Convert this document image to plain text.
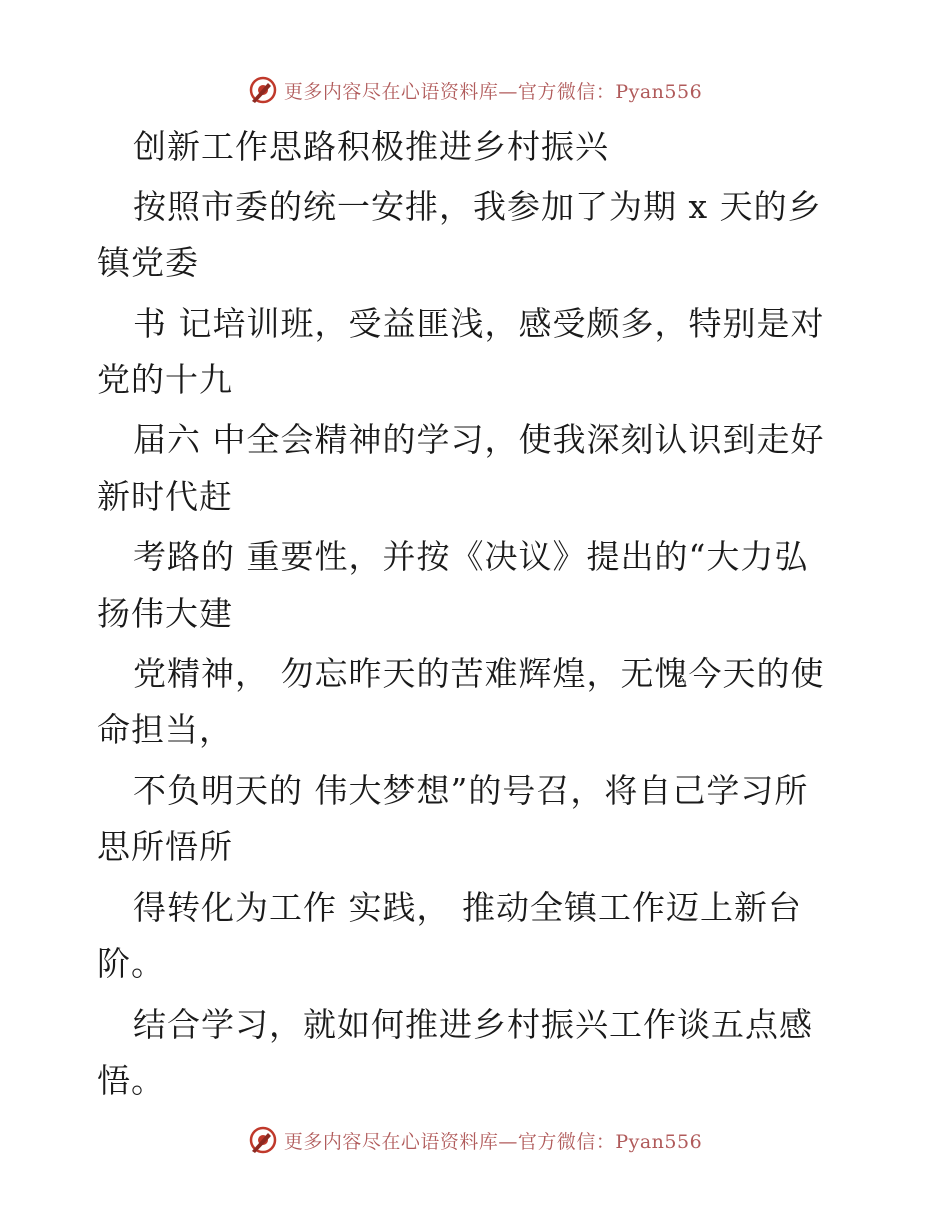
更多内容尽在心语资料库—官方微信：Pyan556
创新工作思路积极推进乡村振兴
按照市委的统一安排，我参加了为期 x 天的乡
镇党委
书 记培训班，受益匪浅，感受颇多，特别是对
党的十九
届六 中全会精神的学习，使我深刻认识到走好
新时代赶
考路的 重要性，并按《决议》提出的“大力弘
扬伟大建
党精神， 勿忘昨天的苦难辉煌，无愧今天的使
命担当，
不负明天的 伟大梦想”的号召，将自己学习所
思所悟所
得转化为工作 实践， 推动全镇工作迈上新台
阶。
结合学习，就如何推进乡村振兴工作谈五点感
悟。
更多内容尽在心语资料库—官方微信：Pyan556
